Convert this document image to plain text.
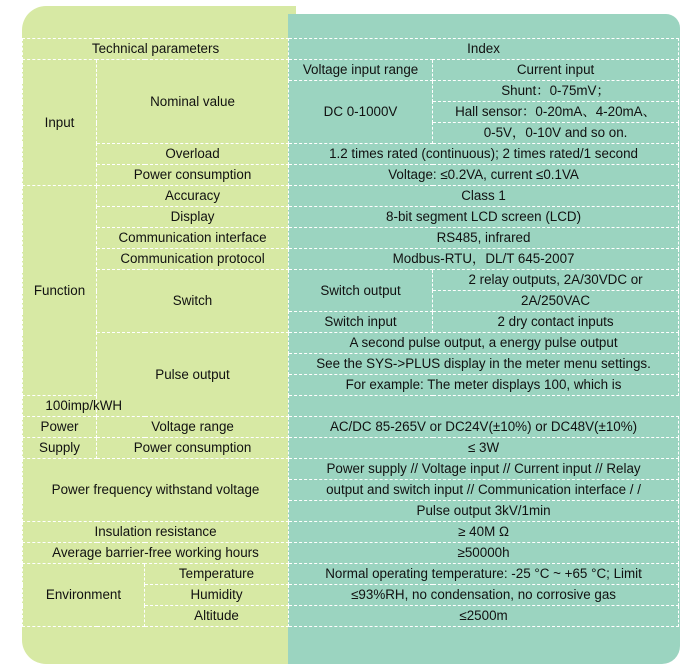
Technical parameters			Index	
Input	Nominal value		Voltage input range	Current input
			DC 0-1000V	Shunt：0-75mV；
				Hall sensor：0-20mA、4-20mA、
				0-5V，0-10V and so on.
	Overload		1.2 times rated (continuous); 2 times rated/1 second	
	Power consumption		Voltage: ≤0.2VA, current ≤0.1VA	
Function	Accuracy		Class 1	
	Display		8-bit segment LCD screen (LCD)	
	Communication interface		RS485, infrared	
	Communication protocol		Modbus-RTU，DL/T 645-2007	
	Switch		Switch output	2 relay outputs, 2A/30VDC or
				2A/250VAC
			Switch input	2 dry contact inputs
	Pulse output		A second pulse output, a energy pulse output	
			See the SYS->PLUS display in the meter menu settings.	
			For example: The meter displays 100, which is	
100imp/kWH				
Power	Voltage range		AC/DC 85-265V or DC24V(±10%) or DC48V(±10%)	
Supply	Power consumption		≤ 3W	
Power frequency withstand voltage			Power supply // Voltage input // Current input // Relay	
			output and switch input // Communication interface / /	
			Pulse output 3kV/1min	
Insulation resistance			≥ 40M Ω	
Average barrier-free working hours			≥50000h	
Environment		Temperature	Normal operating temperature: -25 °C ~ +65 °C; Limit	
		Humidity	≤93%RH, no condensation, no corrosive gas	
		Altitude	≤2500m	
